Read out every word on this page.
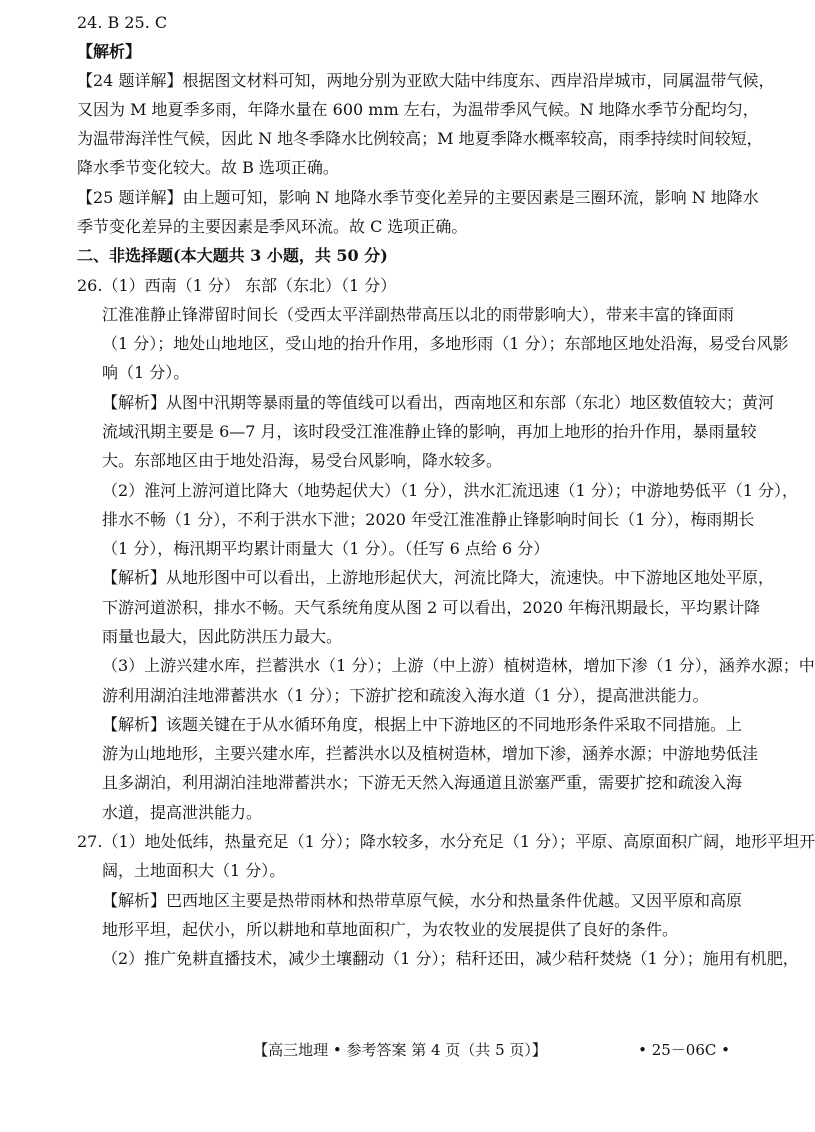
24. B 25. C
【解析】
【24 题详解】根据图文材料可知，两地分别为亚欧大陆中纬度东、西岸沿岸城市，同属温带气候，
又因为 M 地夏季多雨，年降水量在 600 mm 左右，为温带季风气候。N 地降水季节分配均匀，
为温带海洋性气候，因此 N 地冬季降水比例较高；M 地夏季降水概率较高，雨季持续时间较短，
降水季节变化较大。故 B 选项正确。
【25 题详解】由上题可知，影响 N 地降水季节变化差异的主要因素是三圈环流，影响 N 地降水
季节变化差异的主要因素是季风环流。故 C 选项正确。
二、非选择题(本大题共 3 小题，共 50 分)
26.（1）西南（1 分） 东部（东北）（1 分）
江淮准静止锋滞留时间长（受西太平洋副热带高压以北的雨带影响大），带来丰富的锋面雨
（1 分）；地处山地地区，受山地的抬升作用，多地形雨（1 分）；东部地区地处沿海，易受台风影
响（1 分）。
【解析】从图中汛期等暴雨量的等值线可以看出，西南地区和东部（东北）地区数值较大；黄河
流域汛期主要是 6—7 月，该时段受江淮准静止锋的影响，再加上地形的抬升作用，暴雨量较
大。东部地区由于地处沿海，易受台风影响，降水较多。
（2）淮河上游河道比降大（地势起伏大）（1 分），洪水汇流迅速（1 分）；中游地势低平（1 分），
排水不畅（1 分），不利于洪水下泄；2020 年受江淮准静止锋影响时间长（1 分），梅雨期长
（1 分），梅汛期平均累计雨量大（1 分）。（任写 6 点给 6 分）
【解析】从地形图中可以看出，上游地形起伏大，河流比降大，流速快。中下游地区地处平原，
下游河道淤积，排水不畅。天气系统角度从图 2 可以看出，2020 年梅汛期最长，平均累计降
雨量也最大，因此防洪压力最大。
（3）上游兴建水库，拦蓄洪水（1 分）；上游（中上游）植树造林，增加下渗（1 分），涵养水源；中
游利用湖泊洼地滞蓄洪水（1 分）；下游扩挖和疏浚入海水道（1 分），提高泄洪能力。
【解析】该题关键在于从水循环角度，根据上中下游地区的不同地形条件采取不同措施。上
游为山地地形，主要兴建水库，拦蓄洪水以及植树造林，增加下渗，涵养水源；中游地势低洼
且多湖泊，利用湖泊洼地滞蓄洪水；下游无天然入海通道且淤塞严重，需要扩挖和疏浚入海
水道，提高泄洪能力。
27.（1）地处低纬，热量充足（1 分）；降水较多，水分充足（1 分）；平原、高原面积广阔，地形平坦开
阔，土地面积大（1 分）。
【解析】巴西地区主要是热带雨林和热带草原气候，水分和热量条件优越。又因平原和高原
地形平坦，起伏小，所以耕地和草地面积广，为农牧业的发展提供了良好的条件。
（2）推广免耕直播技术，减少土壤翻动（1 分）；秸秆还田，减少秸秆焚烧（1 分）；施用有机肥，
【高三地理 • 参考答案 第 4 页（共 5 页）】	• 25－06C •
